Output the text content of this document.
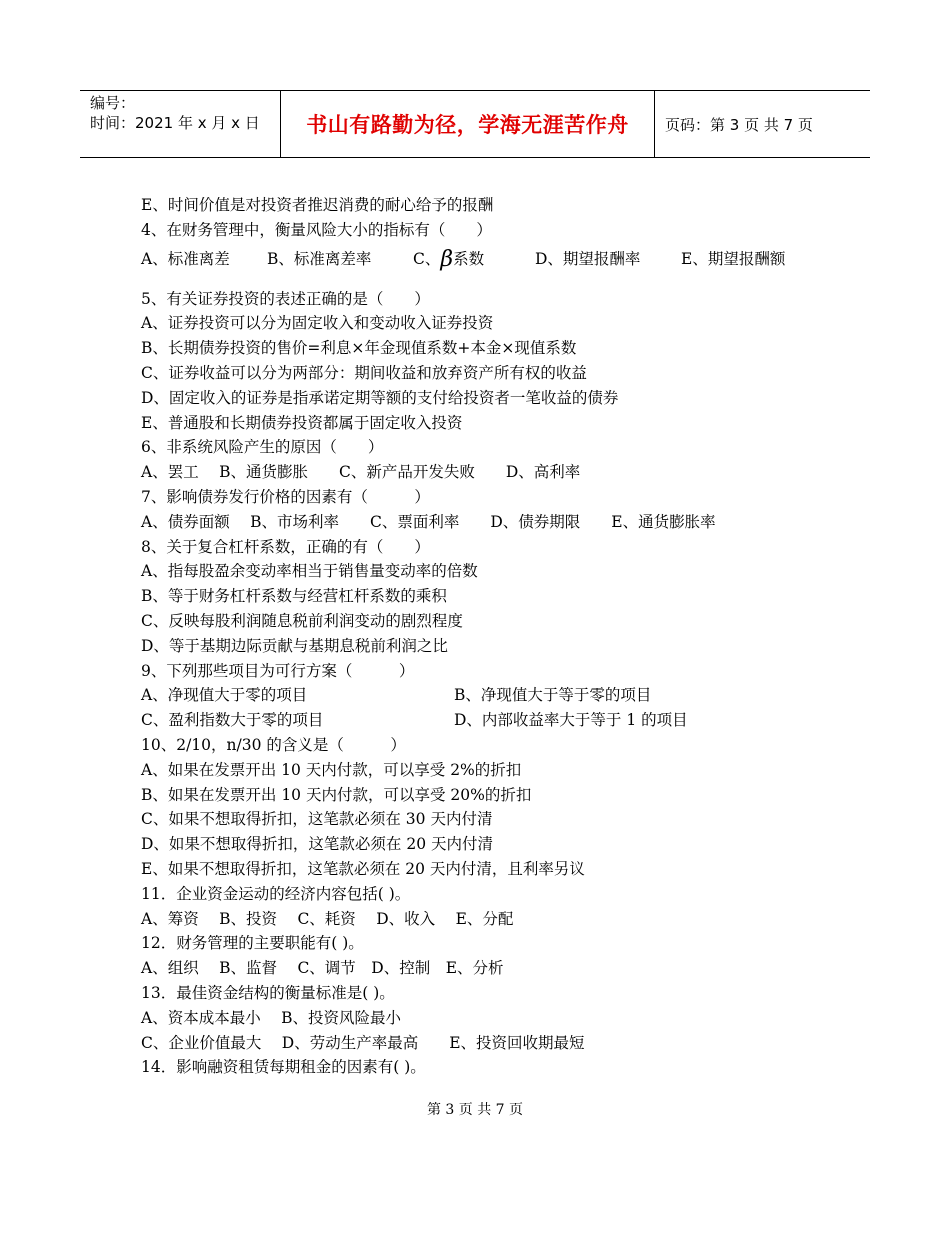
编号：
时间：2021 年 x 月 x 日	书山有路勤为径，学海无涯苦作舟 页码：第 3 页 共 7 页
E、时间价值是对投资者推迟消费的耐心给予的报酬
4、在财务管理中，衡量风险大小的指标有（　　）
A、标准离差 B、标准离差率	C、β系数	D、期望报酬率	E、期望报酬额
5、有关证券投资的表述正确的是（　　）
A、证券投资可以分为固定收入和变动收入证券投资
B、长期债券投资的售价=利息×年金现值系数+本金×现值系数
C、证券收益可以分为两部分：期间收益和放弃资产所有权的收益
D、固定收入的证券是指承诺定期等额的支付给投资者一笔收益的债券
E、普通股和长期债券投资都属于固定收入投资
6、非系统风险产生的原因（　　）
A、罢工　 B、通货膨胀　　C、新产品开发失败　　D、高利率
7、影响债券发行价格的因素有（　　　）
A、债券面额　 B、市场利率　　C、票面利率　　D、债券期限　　E、通货膨胀率
8、关于复合杠杆系数，正确的有（　　）
A、指每股盈余变动率相当于销售量变动率的倍数
B、等于财务杠杆系数与经营杠杆系数的乘积
C、反映每股利润随息税前利润变动的剧烈程度
D、等于基期边际贡献与基期息税前利润之比
9、下列那些项目为可行方案（　　　）
A、净现值大于零的项目	B、净现值大于等于零的项目
C、盈利指数大于零的项目	D、内部收益率大于等于 1 的项目
10、2/10，n/30 的含义是（　　　）
A、如果在发票开出 10 天内付款，可以享受 2%的折扣
B、如果在发票开出 10 天内付款，可以享受 20%的折扣
C、如果不想取得折扣，这笔款必须在 30 天内付清
D、如果不想取得折扣，这笔款必须在 20 天内付清
E、如果不想取得折扣，这笔款必须在 20 天内付清，且利率另议
11．企业资金运动的经济内容包括( )。
A、筹资　 B、投资　 C、耗资　 D、收入　 E、分配
12．财务管理的主要职能有( )。
A、组织　 B、监督　 C、调节　D、控制　E、分析
13．最佳资金结构的衡量标准是( )。
A、资本成本最小　 B、投资风险最小
C、企业价值最大　 D、劳动生产率最高　　E、投资回收期最短
14．影响融资租赁每期租金的因素有( )。
第 3 页 共 7 页
